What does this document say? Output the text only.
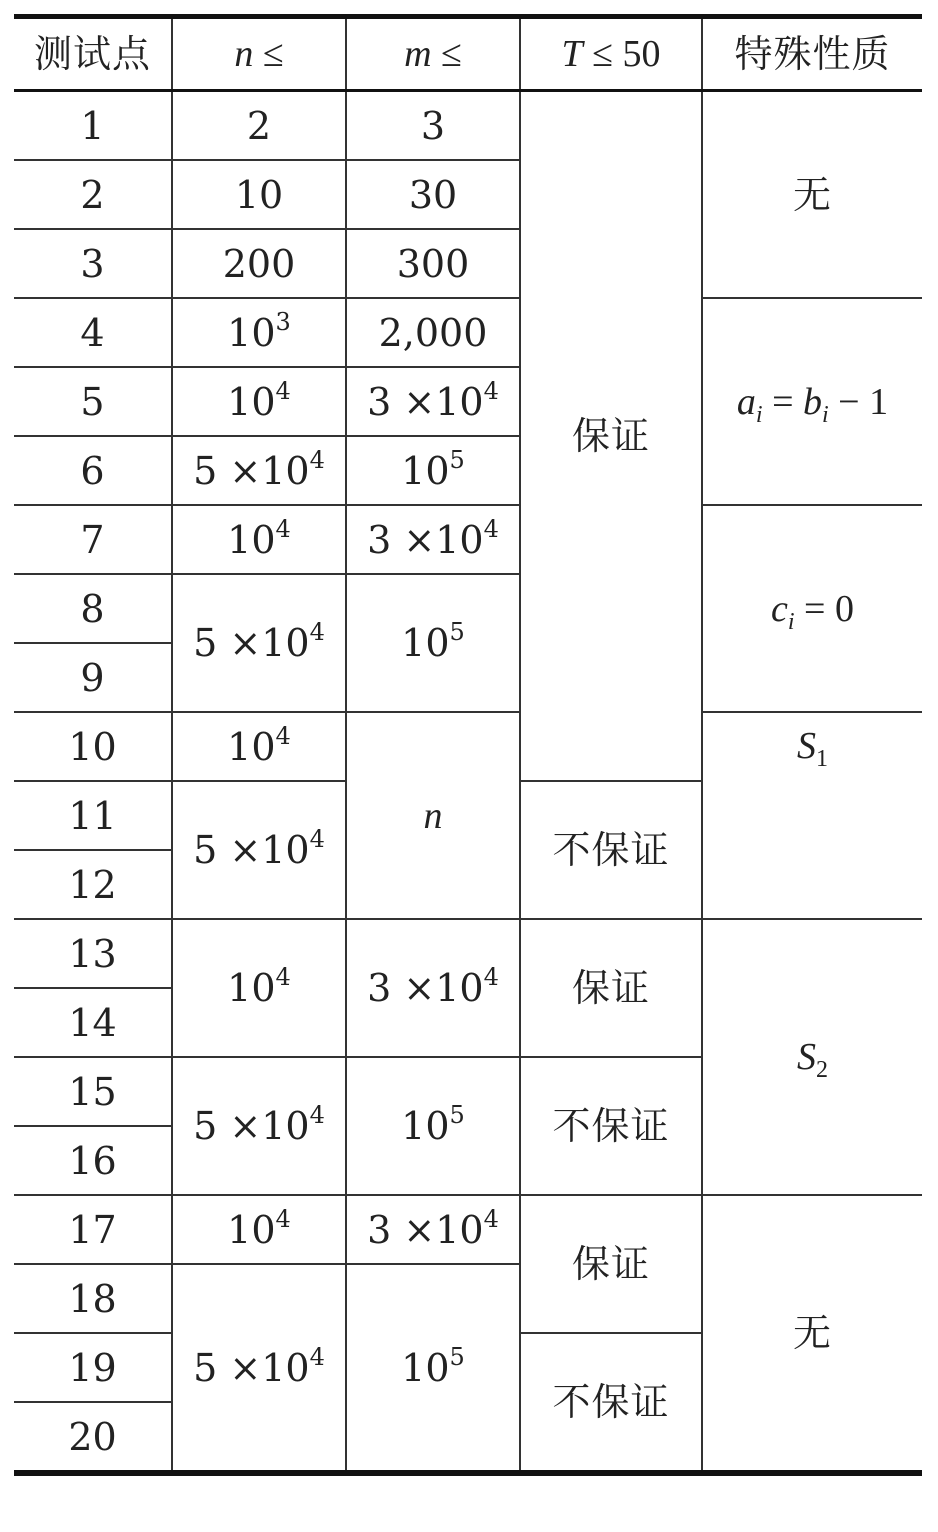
测试点	n ≤	m ≤	T ≤ 50	特殊性质
1	2	3	保证	无
2	10	30		
3	200	300		
4	$10^3$	2,000		$a_i = b_i - 1$
5	$10^4$	$3 \times 10^4$
6	$5 \times 10^4$	$10^5$
7	$10^4$	$3 \times 10^4$		$c_i = 0$
8	$5 \times 10^4$	$10^5$
9				
10	$10^4$	n		$S_1$
11	$5 \times 10^4$		不保证	
12				
13	$10^4$	$3 \times 10^4$	保证	$S_2$
14				
15	$5 \times 10^4$	$10^5$	不保证	
16				
17	$10^4$	$3 \times 10^4$	保证	无
18	$5 \times 10^4$	$10^5$
19			不保证	
20				
